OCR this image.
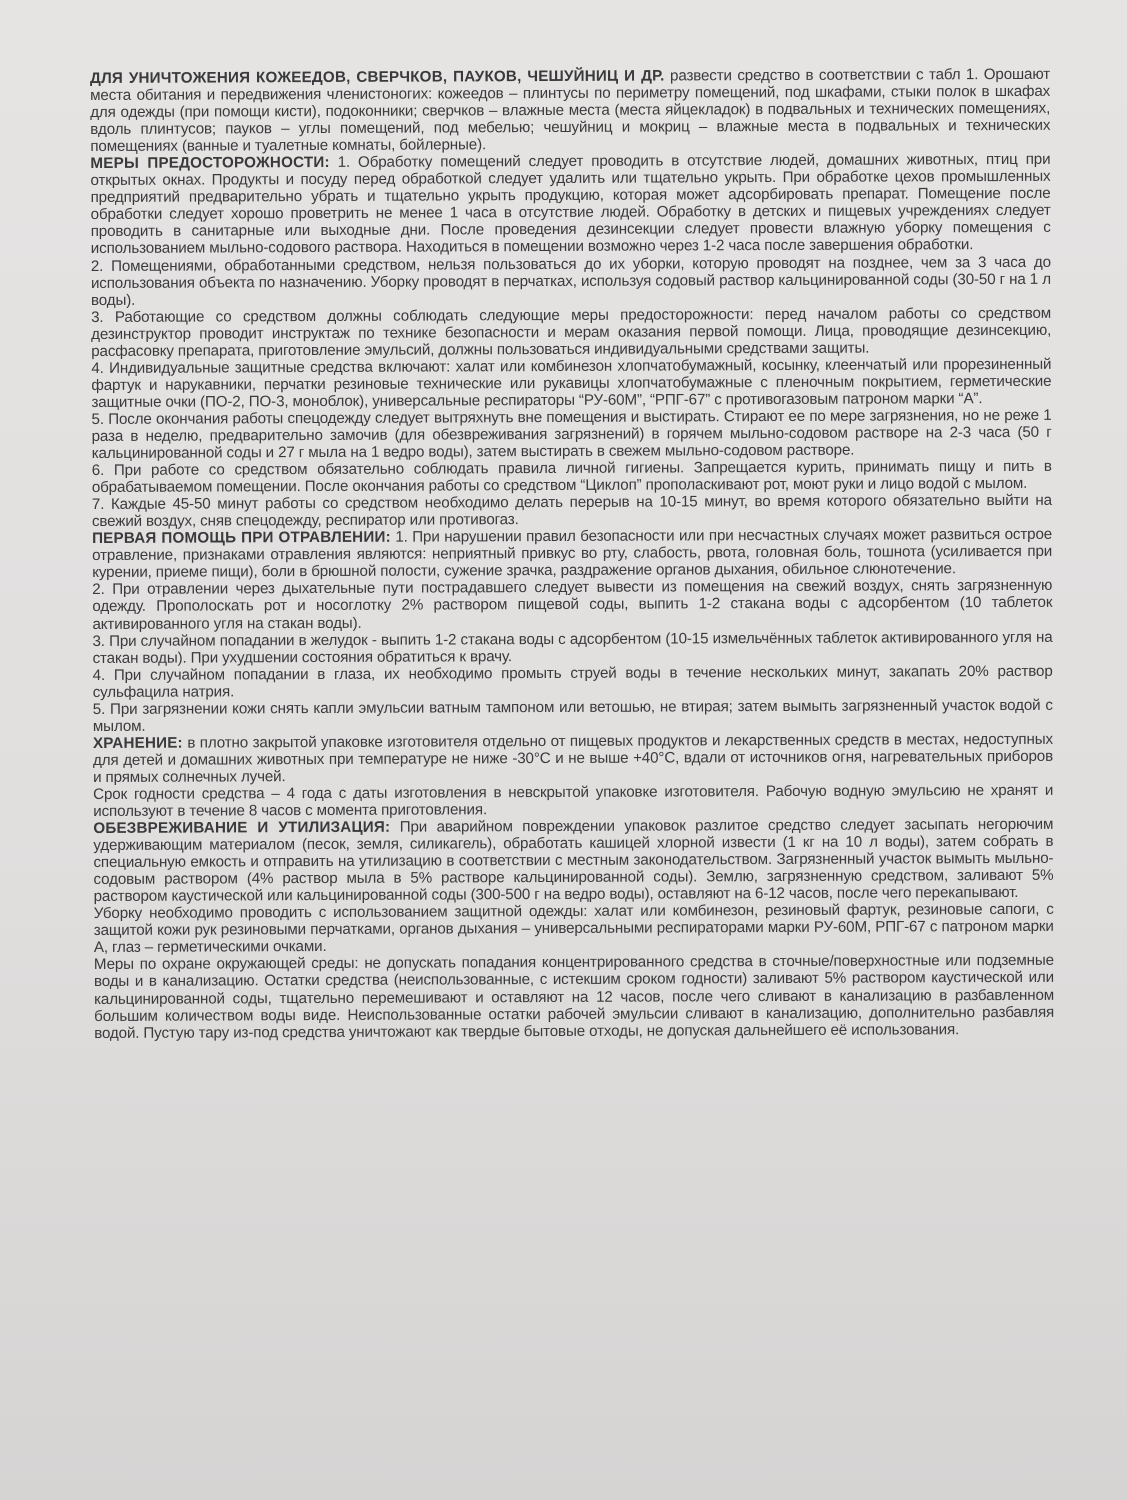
ДЛЯ УНИЧТОЖЕНИЯ КОЖЕЕДОВ, СВЕРЧКОВ, ПАУКОВ, ЧЕШУЙНИЦ И ДР. развести средство в соответствии с табл 1. Орошают места обитания и передвижения членистоногих: кожеедов – плинтусы по периметру помещений, под шкафами, стыки полок в шкафах для одежды (при помощи кисти), подоконники; сверчков – влажные места (места яйцекладок) в подвальных и технических помещениях, вдоль плинтусов; пауков – углы помещений, под мебелью; чешуйниц и мокриц – влажные места в подвальных и технических помещениях (ванные и туалетные комнаты, бойлерные).

МЕРЫ ПРЕДОСТОРОЖНОСТИ: 1. Обработку помещений следует проводить в отсутствие людей, домашних животных, птиц при открытых окнах. Продукты и посуду перед обработкой следует удалить или тщательно укрыть. При обработке цехов промышленных предприятий предварительно убрать и тщательно укрыть продукцию, которая может адсорбировать препарат. Помещение после обработки следует хорошо проветрить не менее 1 часа в отсутствие людей. Обработку в детских и пищевых учреждениях следует проводить в санитарные или выходные дни. После проведения дезинсекции следует провести влажную уборку помещения с использованием мыльно-содового раствора. Находиться в помещении возможно через 1-2 часа после завершения обработки.

2. Помещениями, обработанными средством, нельзя пользоваться до их уборки, которую проводят на позднее, чем за 3 часа до использования объекта по назначению. Уборку проводят в перчатках, используя содовый раствор кальцинированной соды (30-50 г на 1 л воды).

3. Работающие со средством должны соблюдать следующие меры предосторожности: перед началом работы со средством дезинструктор проводит инструктаж по технике безопасности и мерам оказания первой помощи. Лица, проводящие дезинсекцию, расфасовку препарата, приготовление эмульсий, должны пользоваться индивидуальными средствами защиты.

4. Индивидуальные защитные средства включают: халат или комбинезон хлопчатобумажный, косынку, клеенчатый или прорезиненный фартук и нарукавники, перчатки резиновые технические или рукавицы хлопчатобумажные с пленочным покрытием, герметические защитные очки (ПО-2, ПО-3, моноблок), универсальные респираторы “РУ-60М”, “РПГ-67” с противогазовым патроном марки “А”.

5. После окончания работы спецодежду следует вытряхнуть вне помещения и выстирать. Стирают ее по мере загрязнения, но не реже 1 раза в неделю, предварительно замочив (для обезвреживания загрязнений) в горячем мыльно-содовом растворе на 2-3 часа (50 г кальцинированной соды и 27 г мыла на 1 ведро воды), затем выстирать в свежем мыльно-содовом растворе.

6. При работе со средством обязательно соблюдать правила личной гигиены. Запрещается курить, принимать пищу и пить в обрабатываемом помещении. После окончания работы со средством “Циклоп” прополаскивают рот, моют руки и лицо водой с мылом.

7. Каждые 45-50 минут работы со средством необходимо делать перерыв на 10-15 минут, во время которого обязательно выйти на свежий воздух, сняв спецодежду, респиратор или противогаз.

ПЕРВАЯ ПОМОЩЬ ПРИ ОТРАВЛЕНИИ: 1. При нарушении правил безопасности или при несчастных случаях может развиться острое отравление, признаками отравления являются: неприятный привкус во рту, слабость, рвота, головная боль, тошнота (усиливается при курении, приеме пищи), боли в брюшной полости, сужение зрачка, раздражение органов дыхания, обильное слюнотечение.

2. При отравлении через дыхательные пути пострадавшего следует вывести из помещения на свежий воздух, снять загрязненную одежду. Прополоскать рот и носоглотку 2% раствором пищевой соды, выпить 1-2 стакана воды с адсорбентом (10 таблеток активированного угля на стакан воды).

3. При случайном попадании в желудок - выпить 1-2 стакана воды с адсорбентом (10-15 измельчённых таблеток активированного угля на стакан воды). При ухудшении состояния обратиться к врачу.

4. При случайном попадании в глаза, их необходимо промыть струей воды в течение нескольких минут, закапать 20% раствор сульфацила натрия.

5. При загрязнении кожи снять капли эмульсии ватным тампоном или ветошью, не втирая; затем вымыть загрязненный участок водой с мылом.

ХРАНЕНИЕ: в плотно закрытой упаковке изготовителя отдельно от пищевых продуктов и лекарственных средств в местах, недоступных для детей и домашних животных при температуре не ниже -30°С и не выше +40°С, вдали от источников огня, нагревательных приборов и прямых солнечных лучей.

Срок годности средства – 4 года с даты изготовления в невскрытой упаковке изготовителя. Рабочую водную эмульсию не хранят и используют в течение 8 часов с момента приготовления.

ОБЕЗВРЕЖИВАНИЕ И УТИЛИЗАЦИЯ: При аварийном повреждении упаковок разлитое средство следует засыпать негорючим удерживающим материалом (песок, земля, силикагель), обработать кашицей хлорной извести (1 кг на 10 л воды), затем собрать в специальную емкость и отправить на утилизацию в соответствии с местным законодательством. Загрязненный участок вымыть мыльно-содовым раствором (4% раствор мыла в 5% растворе кальцинированной соды). Землю, загрязненную средством, заливают 5% раствором каустической или кальцинированной соды (300-500 г на ведро воды), оставляют на 6-12 часов, после чего перекапывают.

Уборку необходимо проводить с использованием защитной одежды: халат или комбинезон, резиновый фартук, резиновые сапоги, с защитой кожи рук резиновыми перчатками, органов дыхания – универсальными респираторами марки РУ-60М, РПГ-67 с патроном марки А, глаз – герметическими очками.

Меры по охране окружающей среды: не допускать попадания концентрированного средства в сточные/поверхностные или подземные воды и в канализацию. Остатки средства (неиспользованные, с истекшим сроком годности) заливают 5% раствором каустической или кальцинированной соды, тщательно перемешивают и оставляют на 12 часов, после чего сливают в канализацию в разбавленном большим количеством воды виде. Неиспользованные остатки рабочей эмульсии сливают в канализацию, дополнительно разбавляя водой. Пустую тару из-под средства уничтожают как твердые бытовые отходы, не допуская дальнейшего её использования.
